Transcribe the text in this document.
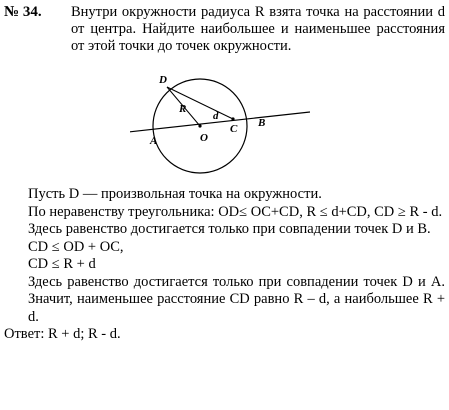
№ 34. Внутри окружности радиуса R взята точка на расстоянии d от центра. Найдите наибольшее и наименьшее расстояния от этой точки до точек окружности.
D
R
d
O
C B
A

Пусть D — произвольная точка на окружности.

По неравенству треугольника: OD≤ OC+CD, R ≤ d+CD, CD ≥ R - d.

Здесь равенство достигается только при совпадении точек D и B.

CD ≤ OD + OC,

CD ≤ R + d

Здесь равенство достигается только при совпадении точек D и А. Значит, наименьшее расстояние CD равно R – d, а наибольшее R + d.

Ответ: R + d; R - d.
